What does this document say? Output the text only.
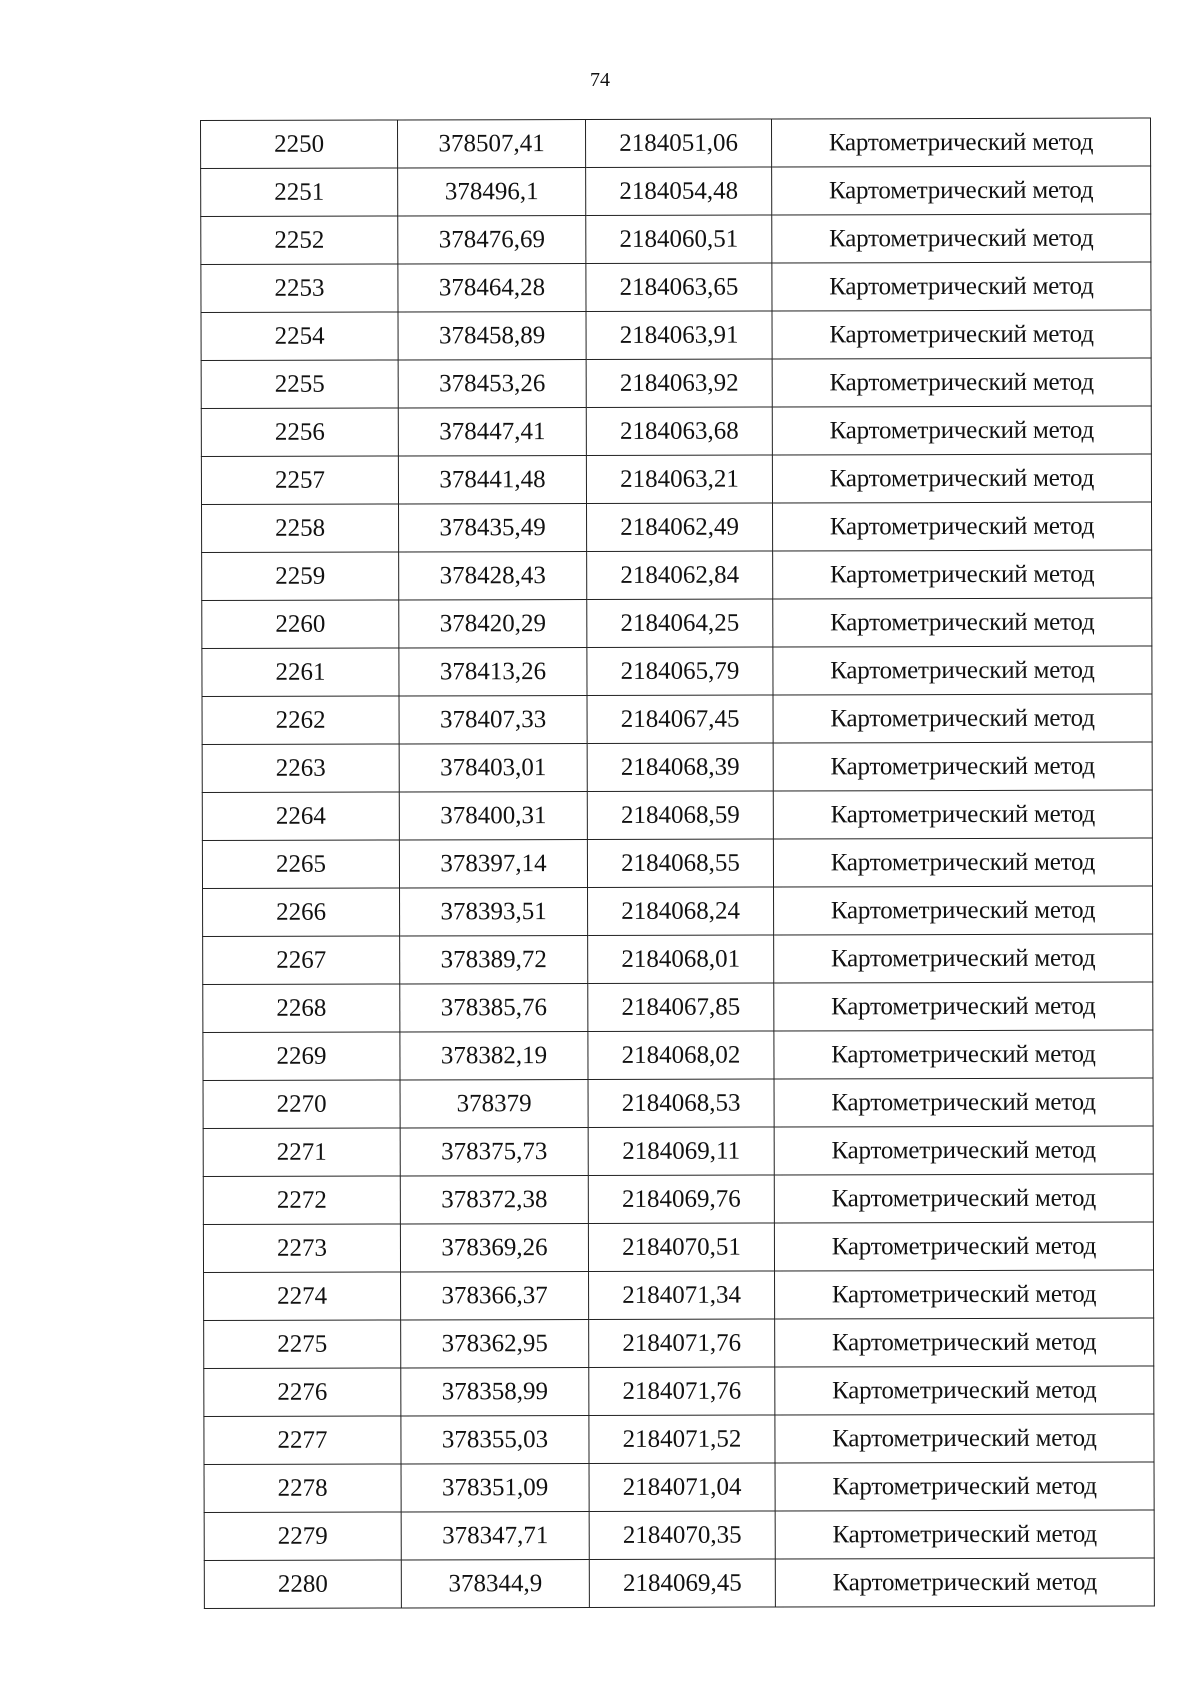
74
2250	378507,41	2184051,06	Картометрический метод
2251	378496,1	2184054,48	Картометрический метод
2252	378476,69	2184060,51	Картометрический метод
2253	378464,28	2184063,65	Картометрический метод
2254	378458,89	2184063,91	Картометрический метод
2255	378453,26	2184063,92	Картометрический метод
2256	378447,41	2184063,68	Картометрический метод
2257	378441,48	2184063,21	Картометрический метод
2258	378435,49	2184062,49	Картометрический метод
2259	378428,43	2184062,84	Картометрический метод
2260	378420,29	2184064,25	Картометрический метод
2261	378413,26	2184065,79	Картометрический метод
2262	378407,33	2184067,45	Картометрический метод
2263	378403,01	2184068,39	Картометрический метод
2264	378400,31	2184068,59	Картометрический метод
2265	378397,14	2184068,55	Картометрический метод
2266	378393,51	2184068,24	Картометрический метод
2267	378389,72	2184068,01	Картометрический метод
2268	378385,76	2184067,85	Картометрический метод
2269	378382,19	2184068,02	Картометрический метод
2270	378379	2184068,53	Картометрический метод
2271	378375,73	2184069,11	Картометрический метод
2272	378372,38	2184069,76	Картометрический метод
2273	378369,26	2184070,51	Картометрический метод
2274	378366,37	2184071,34	Картометрический метод
2275	378362,95	2184071,76	Картометрический метод
2276	378358,99	2184071,76	Картометрический метод
2277	378355,03	2184071,52	Картометрический метод
2278	378351,09	2184071,04	Картометрический метод
2279	378347,71	2184070,35	Картометрический метод
2280	378344,9	2184069,45	Картометрический метод
